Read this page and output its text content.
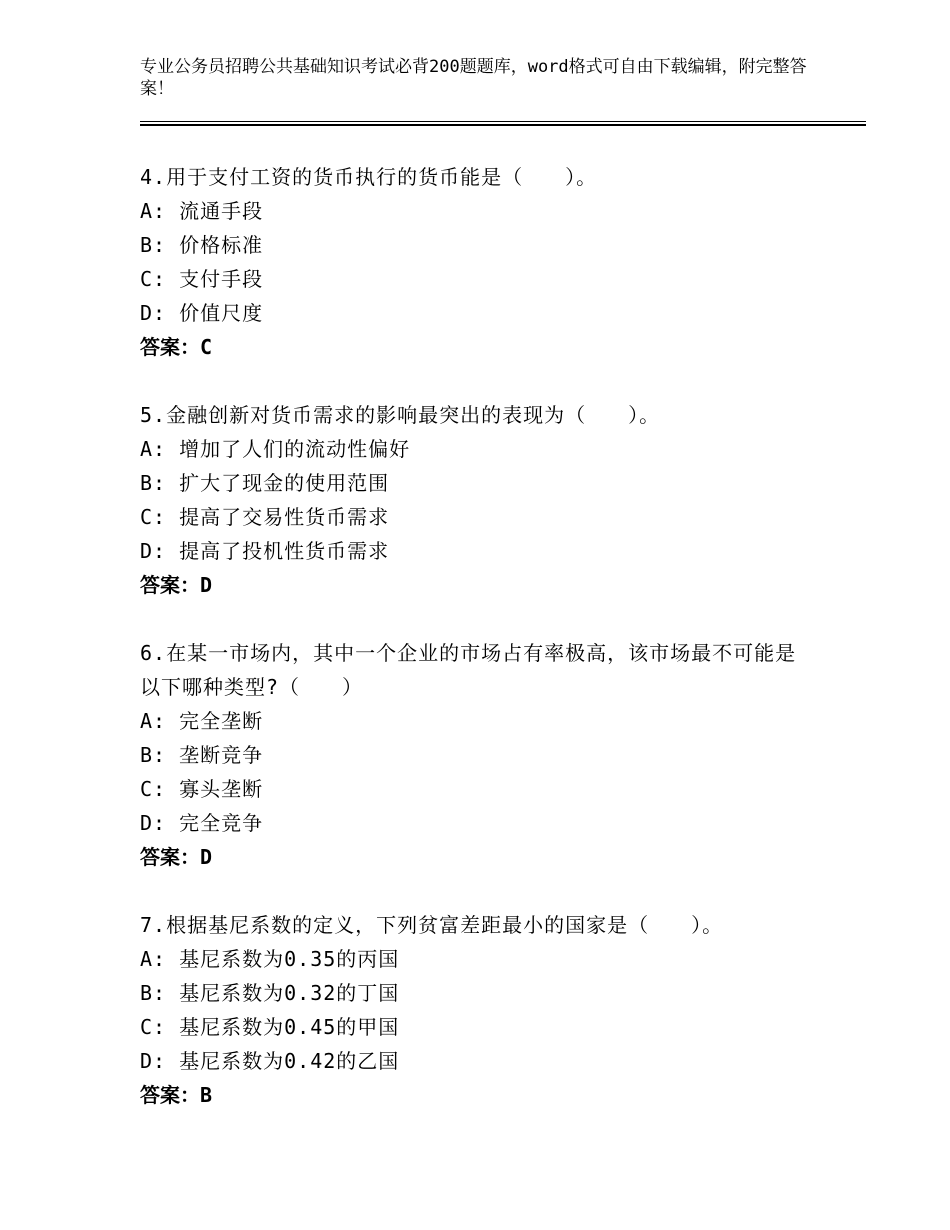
专业公务员招聘公共基础知识考试必背200题题库，word格式可自由下载编辑，附完整答案！
4.用于支付工资的货币执行的货币能是（　　）。
A: 流通手段
B: 价格标准
C: 支付手段
D: 价值尺度
答案：C
5.金融创新对货币需求的影响最突出的表现为（　　）。
A: 增加了人们的流动性偏好
B: 扩大了现金的使用范围
C: 提高了交易性货币需求
D: 提高了投机性货币需求
答案：D
6.在某一市场内，其中一个企业的市场占有率极高，该市场最不可能是以下哪种类型?（　　）
A: 完全垄断
B: 垄断竞争
C: 寡头垄断
D: 完全竞争
答案：D
7.根据基尼系数的定义，下列贫富差距最小的国家是（　　）。
A: 基尼系数为0.35的丙国
B: 基尼系数为0.32的丁国
C: 基尼系数为0.45的甲国
D: 基尼系数为0.42的乙国
答案：B
